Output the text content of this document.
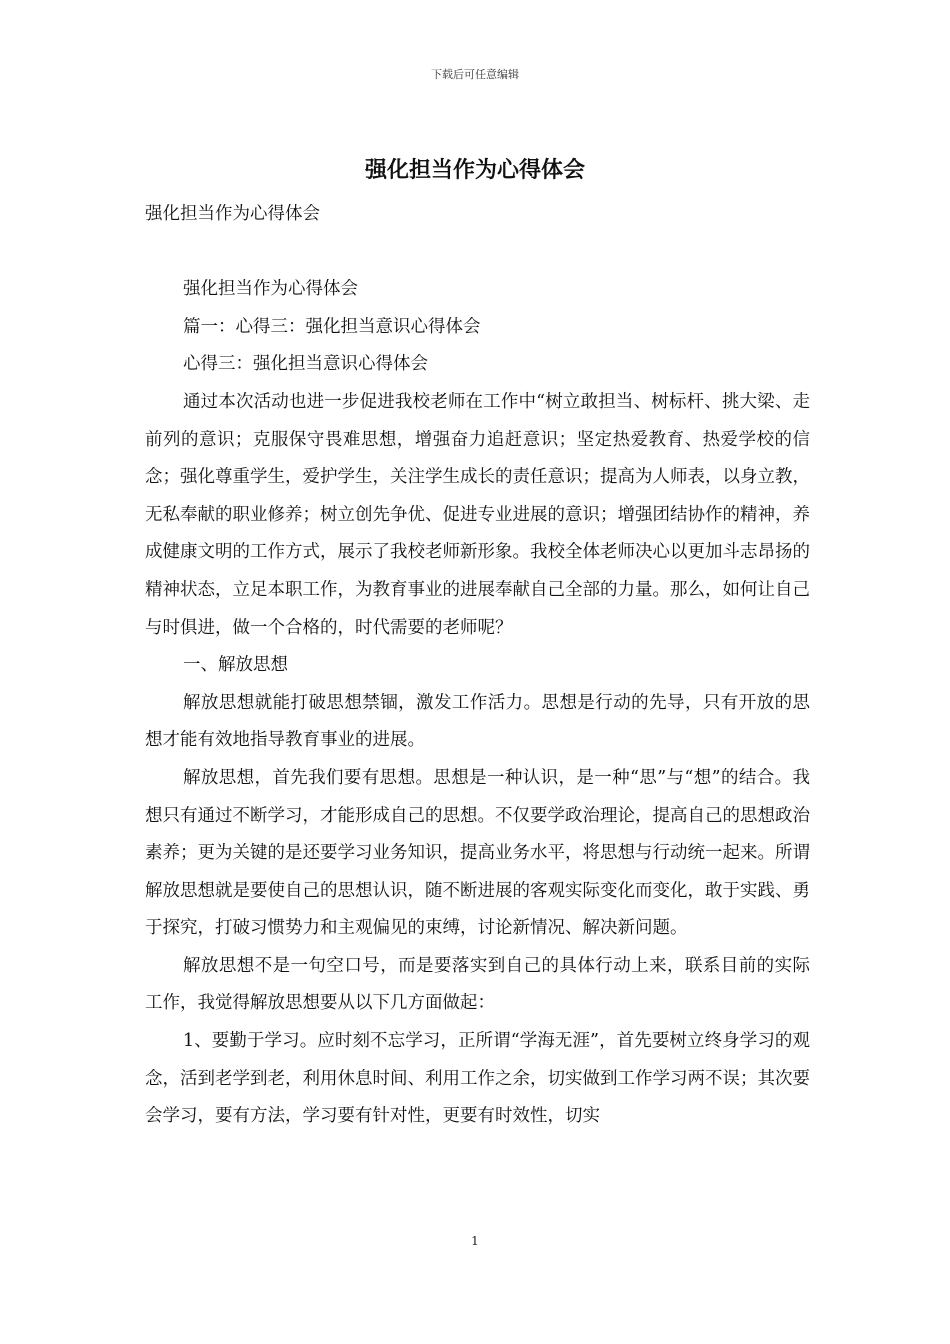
下载后可任意编辑
强化担当作为心得体会

强化担当作为心得体会

强化担当作为心得体会

篇一：心得三：强化担当意识心得体会

心得三：强化担当意识心得体会

通过本次活动也进一步促进我校老师在工作中“树立敢担当、树标杆、挑大梁、走前列的意识；克服保守畏难思想，增强奋力追赶意识；坚定热爱教育、热爱学校的信念；强化尊重学生，爱护学生，关注学生成长的责任意识；提高为人师表，以身立教，无私奉献的职业修养；树立创先争优、促进专业进展的意识；增强团结协作的精神，养成健康文明的工作方式，展示了我校老师新形象。我校全体老师决心以更加斗志昂扬的精神状态，立足本职工作，为教育事业的进展奉献自己全部的力量。那么，如何让自己与时俱进，做一个合格的，时代需要的老师呢？

一、解放思想

解放思想就能打破思想禁锢，激发工作活力。思想是行动的先导，只有开放的思想才能有效地指导教育事业的进展。

解放思想，首先我们要有思想。思想是一种认识，是一种“思”与“想”的结合。我想只有通过不断学习，才能形成自己的思想。不仅要学政治理论，提高自己的思想政治素养；更为关键的是还要学习业务知识，提高业务水平，将思想与行动统一起来。所谓解放思想就是要使自己的思想认识，随不断进展的客观实际变化而变化，敢于实践、勇于探究，打破习惯势力和主观偏见的束缚，讨论新情况、解决新问题。

解放思想不是一句空口号，而是要落实到自己的具体行动上来，联系目前的实际工作，我觉得解放思想要从以下几方面做起：

1、要勤于学习。应时刻不忘学习，正所谓“学海无涯”，首先要树立终身学习的观念，活到老学到老，利用休息时间、利用工作之余，切实做到工作学习两不误；其次要会学习，要有方法，学习要有针对性，更要有时效性，切实

1
